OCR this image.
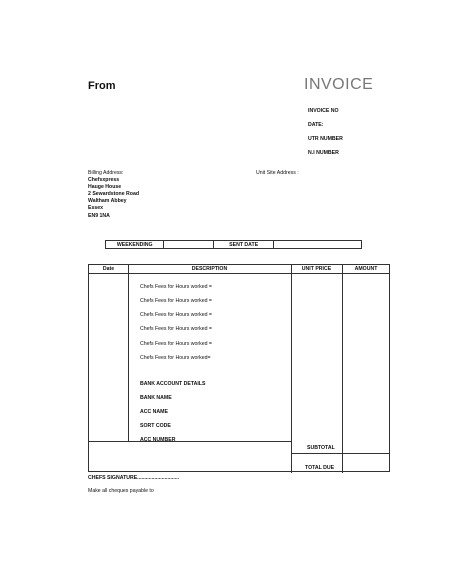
From	INVOICE
INVOICE NO
DATE:
UTR NUMBER
N.I NUMBER
Billing Address:
Chefsxpress
Hauge House
2 Sewardstone Road
Waltham Abbey
Essex
EN9 1NA
Unit Site Address :
WEEKENDING		SENT DATE	
Date	DESCRIPTION	UNIT PRICE	AMOUNT
Chefs Fees for Hours worked =
Chefs Fees for Hours worked =
Chefs Fees for Hours worked =
Chefs Fees for Hours worked =
Chefs Fees for Hours worked =
Chefs Fees for Hours worked=
BANK ACCOUNT DETAILS
BANK NAME
ACC NAME
SORT CODE
ACC NUMBER
SUBTOTAL
TOTAL DUE
CHEFS SIGNATURE.............................
Make all cheques payable to
